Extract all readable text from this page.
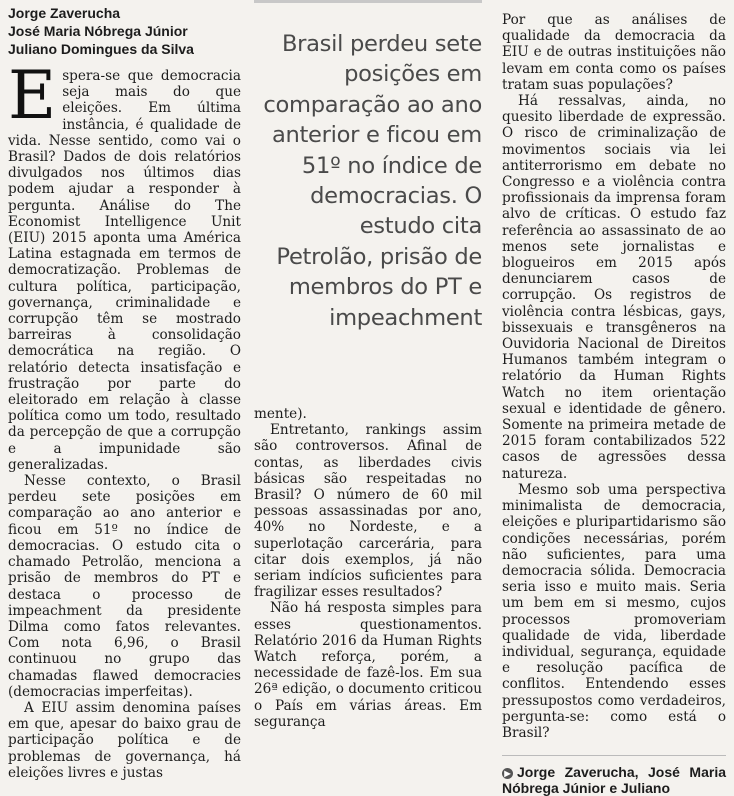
Jorge Zaverucha
José Maria Nóbrega Júnior
Juliano Domingues da Silva

Espera-se que democracia seja mais do que eleições. Em última instância, é qualidade de vida. Nesse sentido, como vai o Brasil? Dados de dois relatórios divulgados nos últimos dias podem ajudar a responder à pergunta. Análise do The Economist Intelligence Unit (EIU) 2015 aponta uma América Latina estagnada em termos de democratização. Problemas de cultura política, participação, governança, criminalidade e corrupção têm se mostrado barreiras à consolidação democrática na região. O relatório detecta insatisfação e frustração por parte do eleitorado em relação à classe política como um todo, resultado da percepção de que a corrupção e a impunidade são generalizadas.

Nesse contexto, o Brasil perdeu sete posições em comparação ao ano anterior e ficou em 51º no índice de democracias. O estudo cita o chamado Petrolão, menciona a prisão de membros do PT e destaca o processo de impeachment da presidente Dilma como fatos relevantes. Com nota 6,96, o Brasil continuou no grupo das chamadas flawed democracies (democracias imperfeitas).

A EIU assim denomina países em que, apesar do baixo grau de participação política e de problemas de governança, há eleições livres e justas

Brasil perdeu sete
posições em
comparação ao ano
anterior e ficou em
51º no índice de
democracias. O
estudo cita
Petrolão, prisão de
membros do PT e
impeachment

mente).

Entretanto, rankings assim são controversos. Afinal de contas, as liberdades civis básicas são respeitadas no Brasil? O número de 60 mil pessoas assassinadas por ano, 40% no Nordeste, e a superlotação carcerária, para citar dois exemplos, já não seriam indícios suficientes para fragilizar esses resultados?

Não há resposta simples para esses questionamentos. Relatório 2016 da Human Rights Watch reforça, porém, a necessidade de fazê-los. Em sua 26ª edição, o documento criticou o País em várias áreas. Em segurança

Por que as análises de qualidade da democracia da EIU e de outras instituições não levam em conta como os países tratam suas populações?

Há ressalvas, ainda, no quesito liberdade de expressão. O risco de criminalização de movimentos sociais via lei antiterrorismo em debate no Congresso e a violência contra profissionais da imprensa foram alvo de críticas. O estudo faz referência ao assassinato de ao menos sete jornalistas e blogueiros em 2015 após denunciarem casos de corrupção. Os registros de violência contra lésbicas, gays, bissexuais e transgêneros na Ouvidoria Nacional de Direitos Humanos também integram o relatório da Human Rights Watch no item orientação sexual e identidade de gênero. Somente na primeira metade de 2015 foram contabilizados 522 casos de agressões dessa natureza.

Mesmo sob uma perspectiva minimalista de democracia, eleições e pluripartidarismo são condições necessárias, porém não suficientes, para uma democracia sólida. Democracia seria isso e muito mais. Seria um bem em si mesmo, cujos processos promoveriam qualidade de vida, liberdade individual, segurança, equidade e resolução pacífica de conflitos. Entendendo esses pressupostos como verdadeiros, pergunta-se: como está o Brasil?

▶ Jorge Zaverucha, José Maria Nóbrega Júnior e Juliano
